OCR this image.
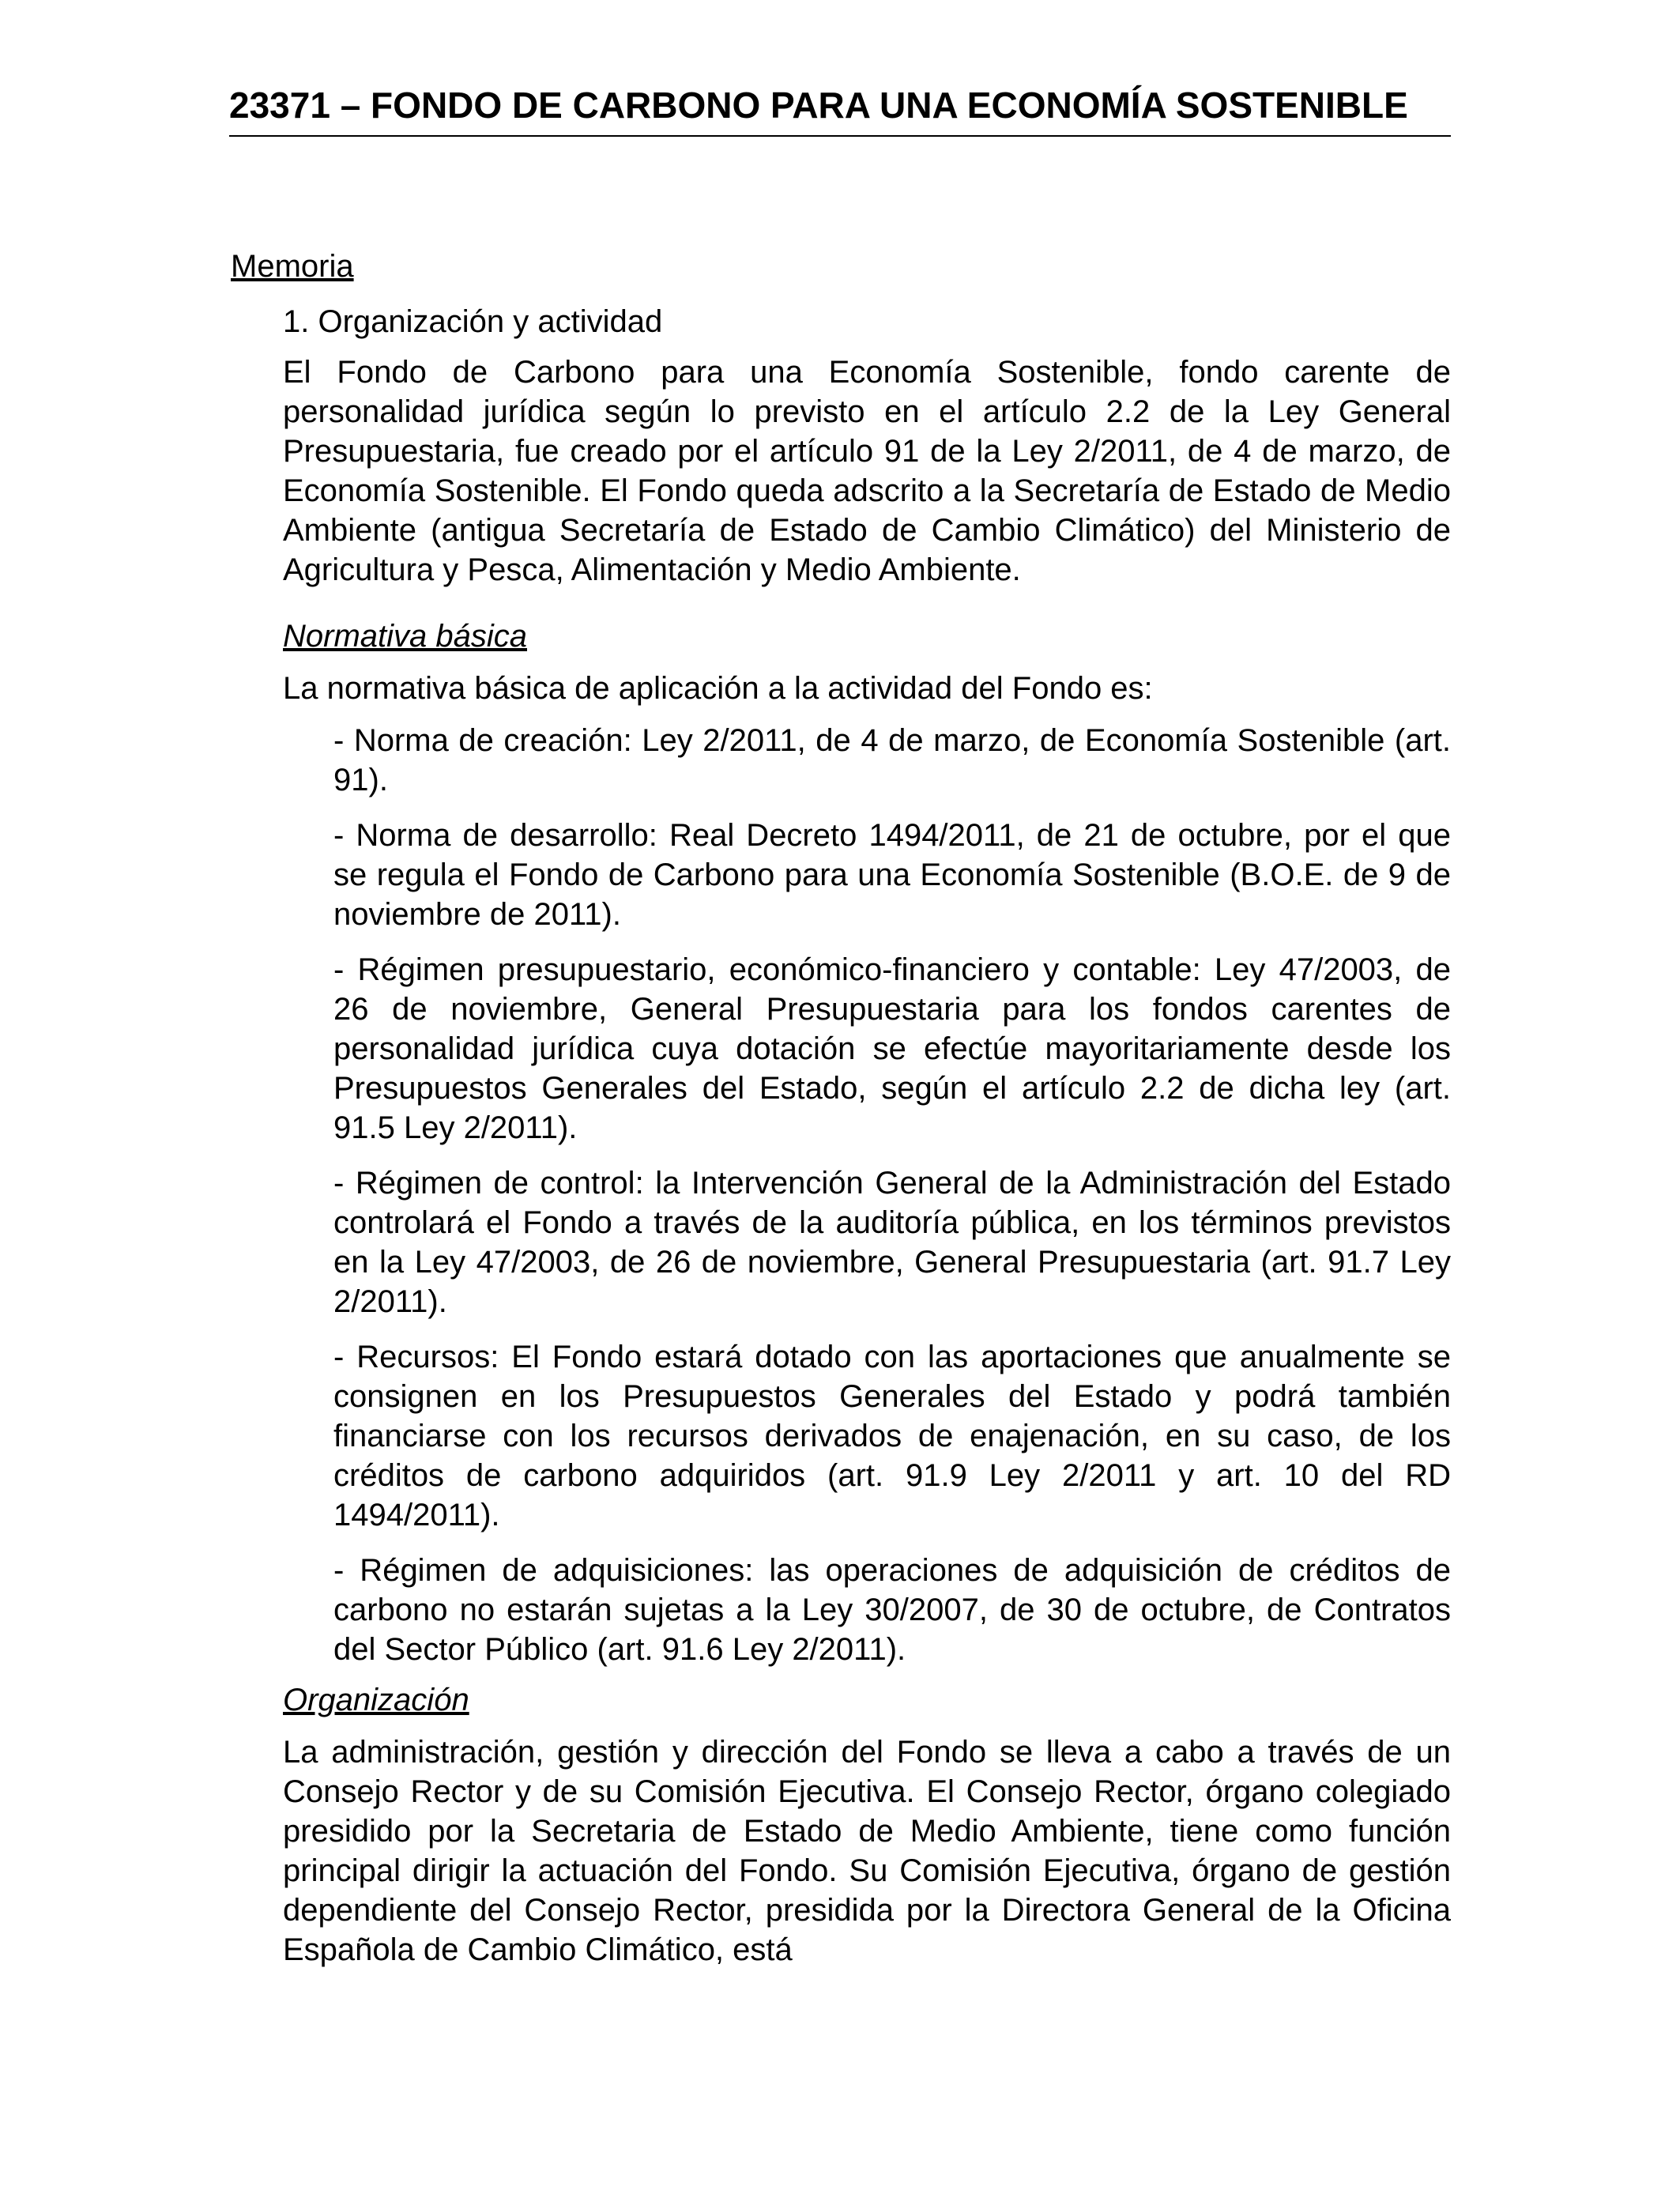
23371 – FONDO DE CARBONO PARA UNA ECONOMÍA SOSTENIBLE

Memoria

1. Organización y actividad

El Fondo de Carbono para una Economía Sostenible, fondo carente de personalidad jurídica según lo previsto en el artículo 2.2 de la Ley General Presupuestaria, fue creado por el artículo 91 de la Ley 2/2011, de 4 de marzo, de Economía Sostenible. El Fondo queda adscrito a la Secretaría de Estado de Medio Ambiente (antigua Secretaría de Estado de Cambio Climático) del Ministerio de Agricultura y Pesca, Alimentación y Medio Ambiente.

Normativa básica

La normativa básica de aplicación a la actividad del Fondo es:

- Norma de creación: Ley 2/2011, de 4 de marzo, de Economía Sostenible (art. 91).

- Norma de desarrollo: Real Decreto 1494/2011, de 21 de octubre, por el que se regula el Fondo de Carbono para una Economía Sostenible (B.O.E. de 9 de noviembre de 2011).

- Régimen presupuestario, económico-financiero y contable: Ley 47/2003, de 26 de noviembre, General Presupuestaria para los fondos carentes de personalidad jurídica cuya dotación se efectúe mayoritariamente desde los Presupuestos Generales del Estado, según el artículo 2.2 de dicha ley (art. 91.5 Ley 2/2011).

- Régimen de control: la Intervención General de la Administración del Estado controlará el Fondo a través de la auditoría pública, en los términos previstos en la Ley 47/2003, de 26 de noviembre, General Presupuestaria (art. 91.7 Ley 2/2011).

- Recursos: El Fondo estará dotado con las aportaciones que anualmente se consignen en los Presupuestos Generales del Estado y podrá también financiarse con los recursos derivados de enajenación, en su caso, de los créditos de carbono adquiridos (art. 91.9 Ley 2/2011 y art. 10 del RD 1494/2011).

- Régimen de adquisiciones: las operaciones de adquisición de créditos de carbono no estarán sujetas a la Ley 30/2007, de 30 de octubre, de Contratos del Sector Público (art. 91.6 Ley 2/2011).

Organización

La administración, gestión y dirección del Fondo se lleva a cabo a través de un Consejo Rector y de su Comisión Ejecutiva. El Consejo Rector, órgano colegiado presidido por la Secretaria de Estado de Medio Ambiente, tiene como función principal dirigir la actuación del Fondo. Su Comisión Ejecutiva, órgano de gestión dependiente del Consejo Rector, presidida por la Directora General de la Oficina Española de Cambio Climático, está
